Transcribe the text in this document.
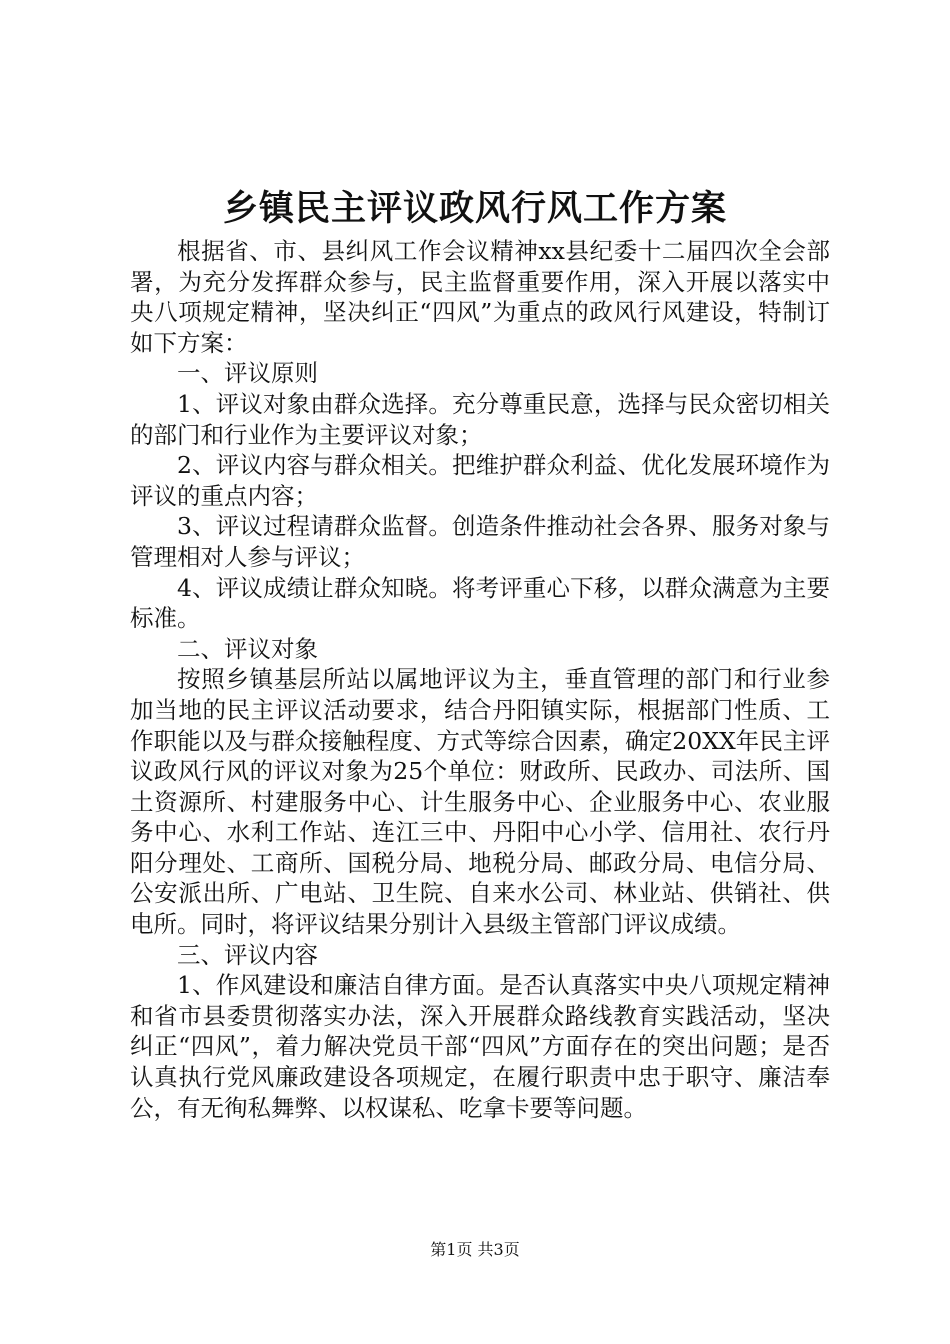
乡镇民主评议政风行风工作方案

根据省、市、县纠风工作会议精神xx县纪委十二届四次全会部署，为充分发挥群众参与，民主监督重要作用，深入开展以落实中央八项规定精神，坚决纠正“四风”为重点的政风行风建设，特制订如下方案：

一、评议原则

1、评议对象由群众选择。充分尊重民意，选择与民众密切相关的部门和行业作为主要评议对象；

2、评议内容与群众相关。把维护群众利益、优化发展环境作为评议的重点内容；

3、评议过程请群众监督。创造条件推动社会各界、服务对象与管理相对人参与评议；

4、评议成绩让群众知晓。将考评重心下移，以群众满意为主要标准。

二、评议对象

按照乡镇基层所站以属地评议为主，垂直管理的部门和行业参加当地的民主评议活动要求，结合丹阳镇实际，根据部门性质、工作职能以及与群众接触程度、方式等综合因素，确定20XX年民主评议政风行风的评议对象为25个单位：财政所、民政办、司法所、国土资源所、村建服务中心、计生服务中心、企业服务中心、农业服务中心、水利工作站、连江三中、丹阳中心小学、信用社、农行丹阳分理处、工商所、国税分局、地税分局、邮政分局、电信分局、公安派出所、广电站、卫生院、自来水公司、林业站、供销社、供电所。同时，将评议结果分别计入县级主管部门评议成绩。

三、评议内容

1、作风建设和廉洁自律方面。是否认真落实中央八项规定精神和省市县委贯彻落实办法，深入开展群众路线教育实践活动，坚决纠正“四风”，着力解决党员干部“四风”方面存在的突出问题；是否认真执行党风廉政建设各项规定，在履行职责中忠于职守、廉洁奉公，有无徇私舞弊、以权谋私、吃拿卡要等问题。

第1页 共3页
